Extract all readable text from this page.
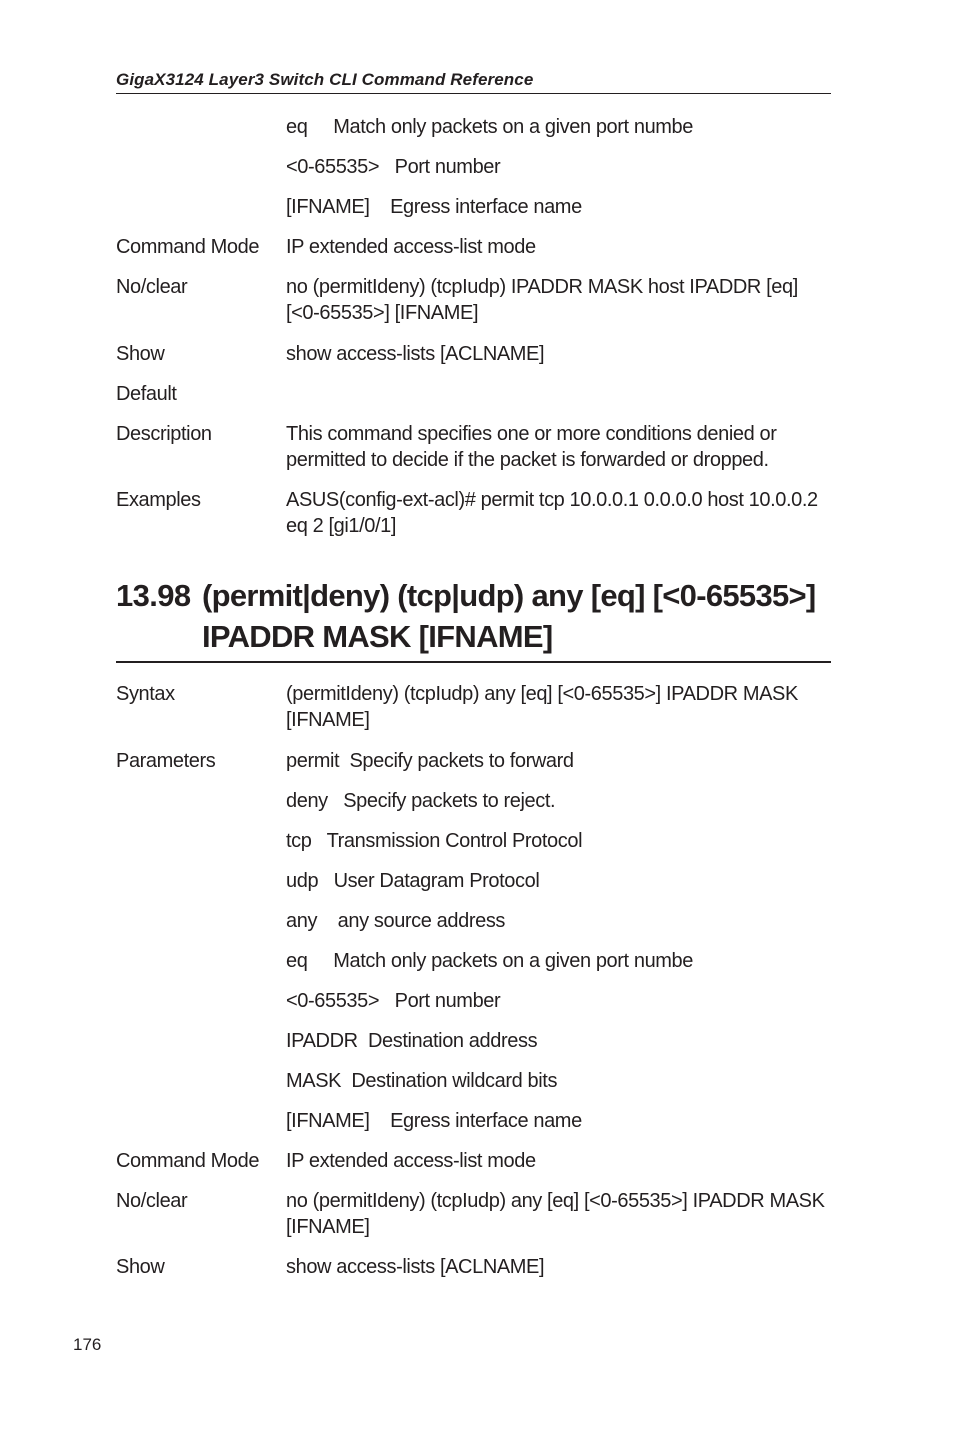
GigaX3124 Layer3 Switch CLI Command Reference
eq     Match only packets on a given port numbe
<0-65535>   Port number
[IFNAME]    Egress interface name
Command Mode	IP extended access-list mode
No/clear	no (permitIdeny) (tcpIudp) IPADDR MASK host IPADDR [eq] [<0-65535>] [IFNAME]
Show	show access-lists [ACLNAME]
Default
Description	This command specifies one or more conditions denied or permitted to decide if the packet is forwarded or dropped.
Examples	ASUS(config-ext-acl)# permit tcp 10.0.0.1 0.0.0.0 host 10.0.0.2 eq 2 [gi1/0/1]
13.98 (permit|deny) (tcp|udp) any [eq] [<0-65535>] IPADDR MASK [IFNAME]
Syntax	(permitIdeny) (tcpIudp) any [eq] [<0-65535>] IPADDR MASK [IFNAME]
Parameters	permit  Specify packets to forward
deny   Specify packets to reject.
tcp   Transmission Control Protocol
udp   User Datagram Protocol
any    any source address
eq     Match only packets on a given port numbe
<0-65535>   Port number
IPADDR  Destination address
MASK  Destination wildcard bits
[IFNAME]    Egress interface name
Command Mode	IP extended access-list mode
No/clear	no (permitIdeny) (tcpIudp) any [eq] [<0-65535>] IPADDR MASK [IFNAME]
Show	show access-lists [ACLNAME]
176
